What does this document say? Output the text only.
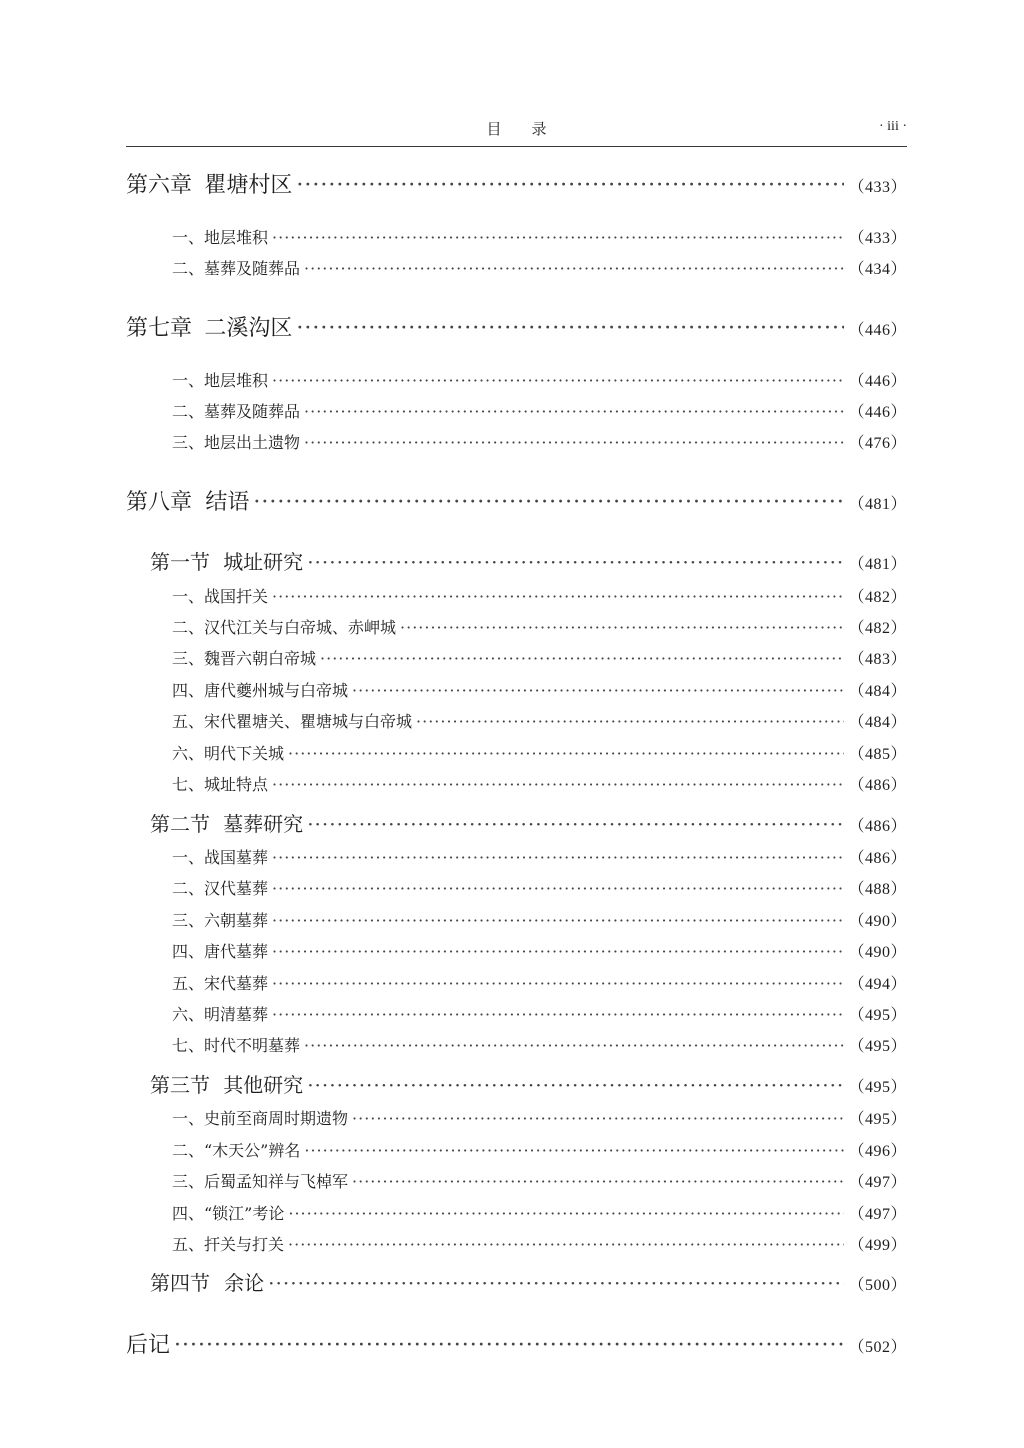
目录	· iii ·
第六章 瞿塘村区 ·····	（433）
一、地层堆积 ·····	（433）
二、墓葬及随葬品 ·····	（434）
第七章 二溪沟区 ·····	（446）
一、地层堆积 ·····	（446）
二、墓葬及随葬品 ·····	（446）
三、地层出土遗物 ·····	（476）
第八章 结语 ·····	（481）
第一节 城址研究 ·····	（481）
一、战国扞关 ·····	（482）
二、汉代江关与白帝城、赤岬城 ·····	（482）
三、魏晋六朝白帝城 ·····	（483）
四、唐代夔州城与白帝城 ·····	（484）
五、宋代瞿塘关、瞿塘城与白帝城 ·····	（484）
六、明代下关城 ·····	（485）
七、城址特点 ·····	（486）
第二节 墓葬研究 ·····	（486）
一、战国墓葬 ·····	（486）
二、汉代墓葬 ·····	（488）
三、六朝墓葬 ·····	（490）
四、唐代墓葬 ·····	（490）
五、宋代墓葬 ·····	（494）
六、明清墓葬 ·····	（495）
七、时代不明墓葬 ·····	（495）
第三节 其他研究 ·····	（495）
一、史前至商周时期遗物 ·····	（495）
二、“木天公”辨名 ·····	（496）
三、后蜀孟知祥与飞棹军 ·····	（497）
四、“锁江”考论 ·····	（497）
五、扞关与打关 ·····	（499）
第四节 余论 ·····	（500）
后记 ·····	（502）
